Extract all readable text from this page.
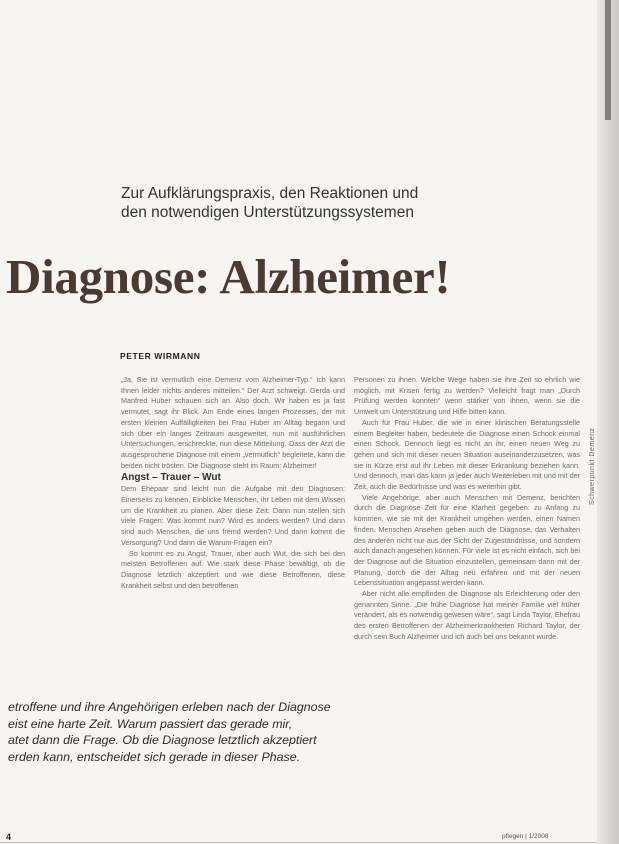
Zur Aufklärungspraxis, den Reaktionen und
den notwendigen Unterstützungssystemen
Diagnose: Alzheimer!
PETER WIRMANN

„Ja, Sie ist vermutlich eine Demenz vom Alzheimer-Typ.“ Ich kann Ihnen leider nichts anderes mitteilen.“ Der Arzt schweigt. Gerda und Manfred Huber schauen sich an. Also doch. Wir haben es ja fast vermutet, sagt ihr Blick. Am Ende eines langen Prozesses, der mit ersten kleinen Auffälligkeiten bei Frau Huber im Alltag begann und sich über ein langes Zeitraum ausgeweitet, nun mit ausführlichen Untersuchungen, erschreckte, nun diese Mitteilung. Dass der Arzt die ausgesprochene Diagnose mit einem „vermutlich“ begleitete, kann die beiden nicht trösten. Die Diagnose steht im Raum: Alzheimer!

Angst – Trauer – Wut

Dem Ehepaar sind leicht nun die Aufgabe mit den Diagnosen: Einerseits zu kennen, Einblicke Menschen, ihr Leben mit dem Wissen um die Krankheit zu planen. Aber diese Zeit: Dann nun stellen sich viele Fragen: Was kommt nun? Wird es anders werden? Und dann sind auch Menschen, die uns fremd werden? Und dann kommt die Versorgung? Und dann die Warum-Fragen ein?

So kommt es zu Angst, Trauer, aber auch Wut, die sich bei den meisten Betroffenen auf. Wie stark diese Phase bewältigt, ob die Diagnose letztlich akzeptiert und wie diese Betroffenen, diese Krankheit selbst und den betroffenen

Personen zu ihnen. Welche Wege haben sie ihre Zeit so ehrlich wie möglich, mit Krisen fertig zu werden? Vielleicht fragt man „Durch Prüfung werden konnten“ wenn stärker von ihnen, wenn sie die Umwelt um Unterstützung und Hilfe bitten kann.

Auch für Frau Huber, die wie in einer klinischen Beratungsstelle einem Begleiter haben, bedeutete die Diagnose einen Schock einmal einen Schock. Dennoch liegt es nicht an ihr, einen neuen Weg zu gehen und sich mit dieser neuen Situation auseinanderzusetzen, was sie in Kürze erst auf ihr Leben mit dieser Erkrankung beziehen kann. Und dennoch, man das kann ja jeder auch Weiterleben mit und mit der Zeit, auch die Bedürfnisse und was es weiterhin gibt.

Viele Angehörige, aber auch Menschen mit Demenz, berichten durch die Diagnose Zeit für eine Klarheit gegeben: zu Anfang zu kommen, wie sie mit der Krankheit umgehen werden, einen Namen finden. Menschen Ansehen geben auch die Diagnose, das Verhalten des anderen nicht nur aus der Sicht der Zugeständnisse, und sondern auch danach angesehen können. Für viele ist es nicht einfach, sich bei der Diagnose auf die Situation einzustellen, gemeinsam dann mit der Planung, durch die der Alltag neu erfahren und mit der neuen Lebenssituation angepasst werden kann.

Aber nicht alle empfinden die Diagnose als Erleichterung oder den genannten Sinne. „Die frühe Diagnose hat meiner Familie viel früher verändert, als es notwendig gewesen wäre“, sagt Linda Taylor, Ehefrau des ersten Betroffenen der Alzheimerkrankheiten Richard Taylor, der durch sein Buch Alzheimer und ich auch bei uns bekannt wurde.

etroffene und ihre Angehörigen erleben nach der Diagnose
eist eine harte Zeit. Warum passiert das gerade mir,
atet dann die Frage. Ob die Diagnose letztlich akzeptiert
erden kann, entscheidet sich gerade in dieser Phase.
Schwerpunkt Demenz
4	pflegen | 1/2008
